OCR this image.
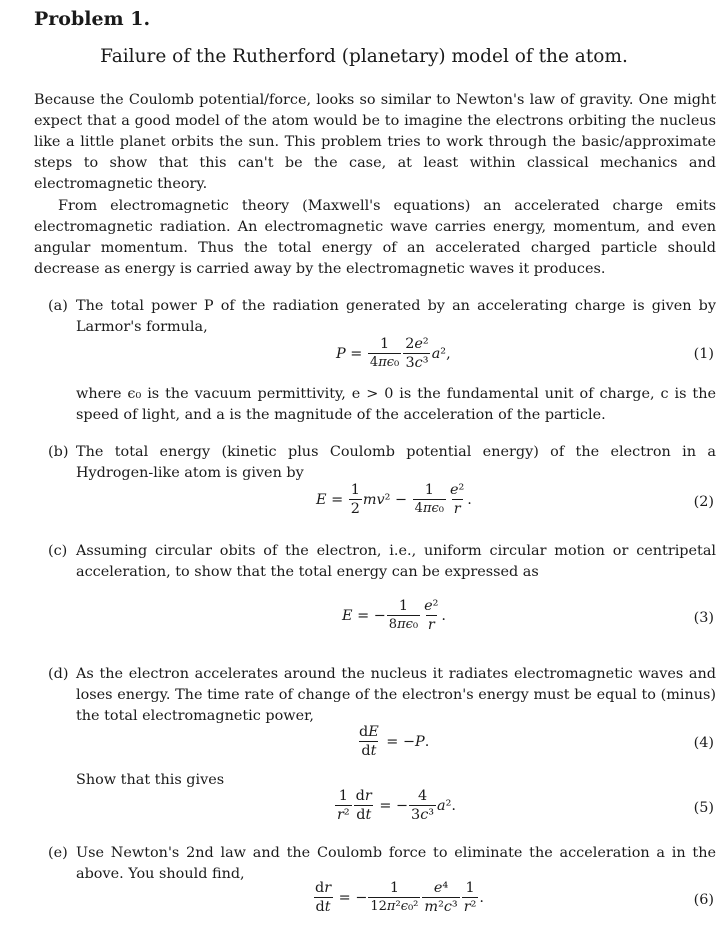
Problem 1.
Failure of the Rutherford (planetary) model of the atom.
Because the Coulomb potential/force, looks so similar to Newton's law of gravity. One might expect that a good model of the atom would be to imagine the electrons orbiting the nucleus like a little planet orbits the sun. This problem tries to work through the basic/approximate steps to show that this can't be the case, at least within classical mechanics and electromagnetic theory.
From electromagnetic theory (Maxwell's equations) an accelerated charge emits electromagnetic radiation. An electromagnetic wave carries energy, momentum, and even angular momentum. Thus the total energy of an accelerated charged particle should decrease as energy is carried away by the electromagnetic waves it produces.
(a) The total power P of the radiation generated by an accelerating charge is given by Larmor's formula,
$P = \frac{1}{\text{4πϵ₀}} \frac{\text{2e²}}{\text{3c³}}$ a ²,	(1)
where ϵ₀ is the vacuum permittivity, e > 0 is the fundamental unit of charge, c is the speed of light, and a is the magnitude of the acceleration of the particle.
(b) The total energy (kinetic plus Coulomb potential energy) of the electron in a Hydrogen-like atom is given by
$E = \frac{1}{2}$ mv $^2 - \frac{1}{\text{4πϵ₀}} \frac{\text{e²}}{r}$ .	(2)
(c) Assuming circular obits of the electron, i.e., uniform circular motion or centripetal acceleration, to show that the total energy can be expressed as
E = − $\frac{1}{\text{8πϵ₀}} \frac{\text{e²}}{r}$ .	(3)
(d) As the electron accelerates around the nucleus it radiates electromagnetic waves and loses energy. The time rate of change of the electron's energy must be equal to (minus) the total electromagnetic power,
$\frac{dE}{dt}$ = − P .	(4)
Show that this gives
$\frac{1}{\text{r²}} \frac{dr}{dt}$ = − $\frac{4}{\text{3c³}}$ a ².	(5)
(e) Use Newton's 2nd law and the Coulomb force to eliminate the acceleration a in the above. You should find,
$\frac{dr}{dt}$ = − $\frac{1}{\text{12π²ϵ₀²}} \frac{\text{e⁴}}{\text{m²c³}} \frac{1}{\text{r²}}$ .	(6)
